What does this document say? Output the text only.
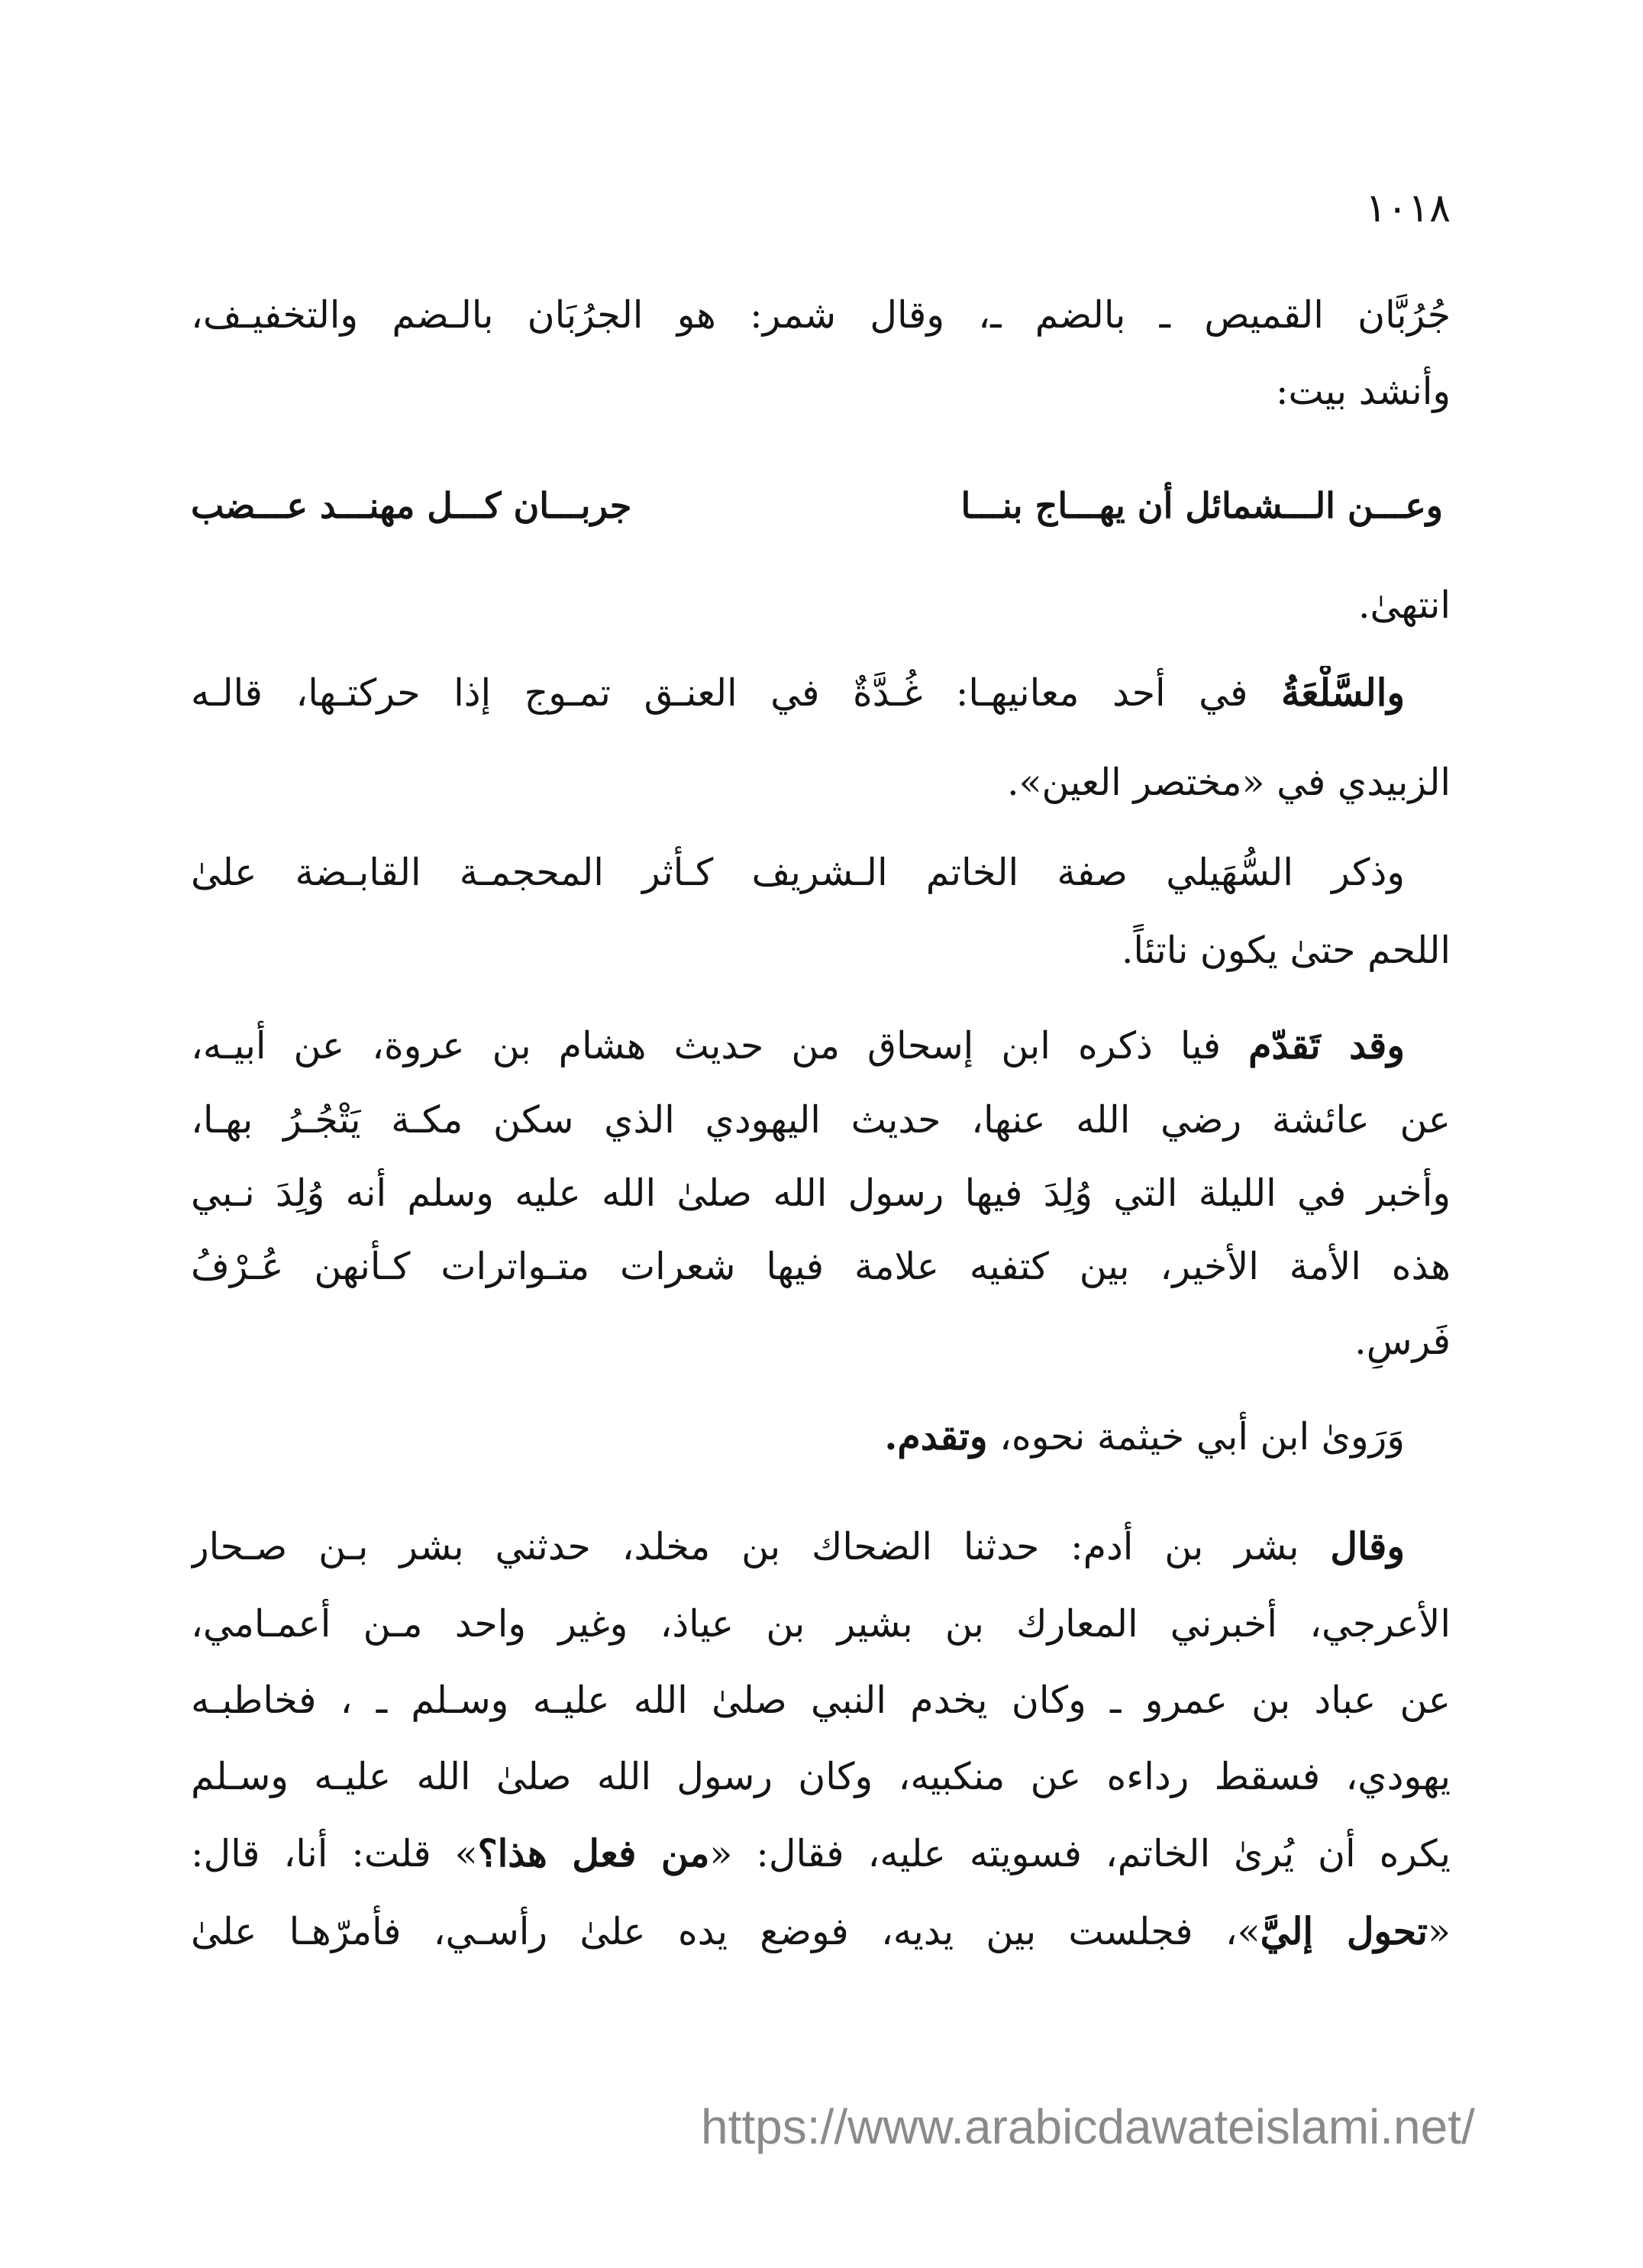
١٠١٨
جُرُبَّان القميص ـ بالضم ـ، وقال شمر: هو الجرُبَان بالـضم والتخفيـف،
وأنشد بيت:
وعـــن الـــشمائل أن يهـــاج بنـــا
جربـــان كـــل مهنـــد عـــضب
انتهىٰ.
والسَّلْعَةُ في أحد معانيهـا: غُـدَّةٌ في العنـق تمـوج إذا حركتـها، قالـه
الزبيدي في «مختصر العين».
وذكر السُّهَيلي صفة الخاتم الـشريف كـأثر المحجمـة القابـضة علىٰ
اللحم حتىٰ يكون ناتئاً.
وقد تَقدّم فيا ذكره ابن إسحاق من حديث هشام بن عروة، عن أبيـه،
عن عائشة رضي الله عنها، حديث اليهودي الذي سكن مكـة يَتْجُـرُ بهـا،
وأخبر في الليلة التي وُلِدَ فيها رسول الله صلىٰ الله عليه وسلم أنه وُلِدَ نـبي
هذه الأمة الأخير، بين كتفيه علامة فيها شعرات متـواترات كـأنهن عُـرْفُ
فَرسٍ.
وَرَوىٰ ابن أبي خيثمة نحوه، وتقدم.
وقال بشر بن أدم: حدثنا الضحاك بن مخلد، حدثني بشر بـن صـحار
الأعرجي، أخبرني المعارك بن بشير بن عياذ، وغير واحد مـن أعمـامي،
عن عباد بن عمرو ـ وكان يخدم النبي صلىٰ الله عليـه وسـلم ـ ، فخاطبـه
يهودي، فسقط رداءه عن منكبيه، وكان رسول الله صلىٰ الله عليـه وسـلم
يكره أن يُرىٰ الخاتم، فسويته عليه، فقال: «من فعل هذا؟» قلت: أنا، قال:
«تحول إليَّ»، فجلست بين يديه، فوضع يده علىٰ رأسـي، فأمرّهـا علىٰ
https://www.arabicdawateislami.net/
